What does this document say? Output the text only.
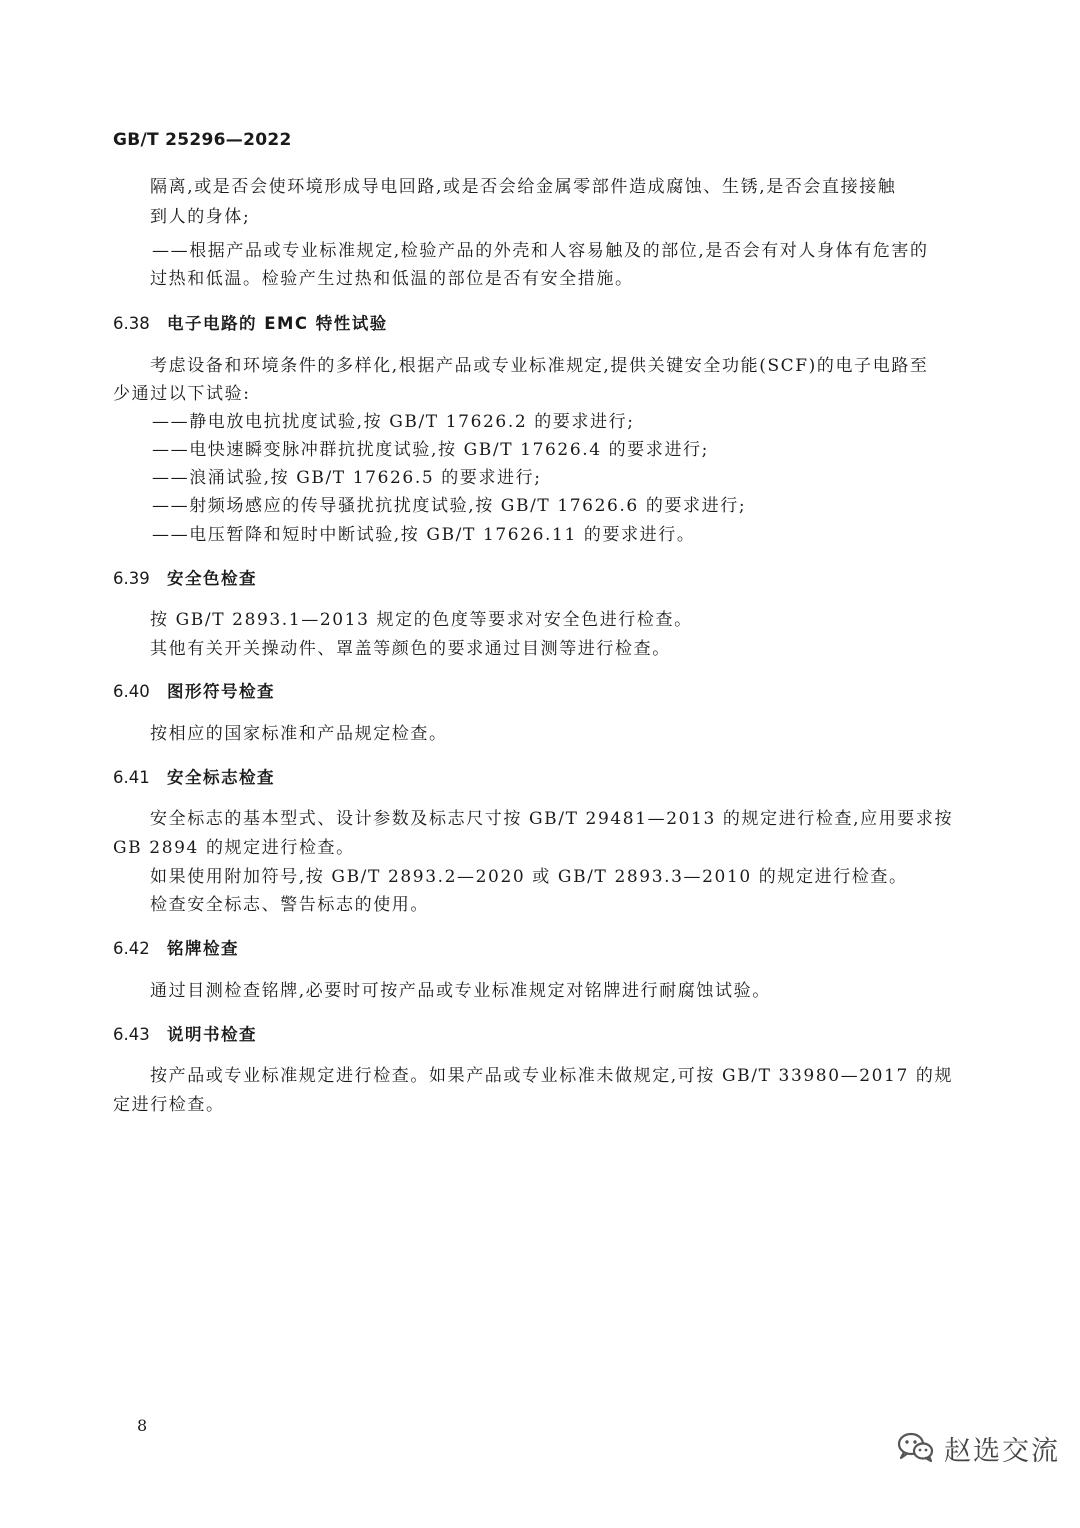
GB/T 25296—2022
隔离,或是否会使环境形成导电回路,或是否会给金属零部件造成腐蚀、生锈,是否会直接接触
到人的身体;
——根据产品或专业标准规定,检验产品的外壳和人容易触及的部位,是否会有对人身体有危害的
过热和低温。检验产生过热和低温的部位是否有安全措施。
6.38 电子电路的 EMC 特性试验
考虑设备和环境条件的多样化,根据产品或专业标准规定,提供关键安全功能(SCF)的电子电路至
少通过以下试验:
——静电放电抗扰度试验,按 GB/T 17626.2 的要求进行;
——电快速瞬变脉冲群抗扰度试验,按 GB/T 17626.4 的要求进行;
——浪涌试验,按 GB/T 17626.5 的要求进行;
——射频场感应的传导骚扰抗扰度试验,按 GB/T 17626.6 的要求进行;
——电压暂降和短时中断试验,按 GB/T 17626.11 的要求进行。
6.39 安全色检查
按 GB/T 2893.1—2013 规定的色度等要求对安全色进行检查。
其他有关开关操动件、罩盖等颜色的要求通过目测等进行检查。
6.40 图形符号检查
按相应的国家标准和产品规定检查。
6.41 安全标志检查
安全标志的基本型式、设计参数及标志尺寸按 GB/T 29481—2013 的规定进行检查,应用要求按
GB 2894 的规定进行检查。
如果使用附加符号,按 GB/T 2893.2—2020 或 GB/T 2893.3—2010 的规定进行检查。
检查安全标志、警告标志的使用。
6.42 铭牌检查
通过目测检查铭牌,必要时可按产品或专业标准规定对铭牌进行耐腐蚀试验。
6.43 说明书检查
按产品或专业标准规定进行检查。如果产品或专业标准未做规定,可按 GB/T 33980—2017 的规
定进行检查。
8
赵选交流
